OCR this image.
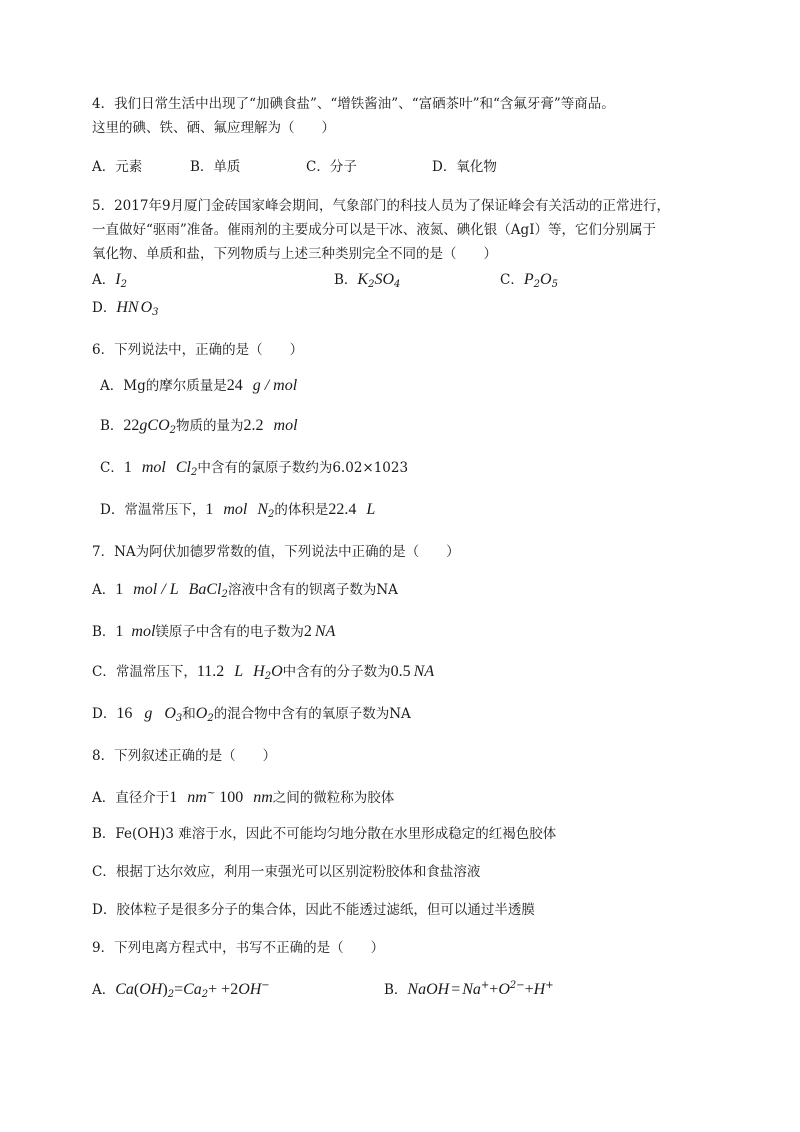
4．我们日常生活中出现了“加碘食盐”、“增铁酱油”、“富硒茶叶”和“含氟牙膏”等商品。
这里的碘、铁、硒、氟应理解为（　　）
A．元素	B．单质	C．分子	D．氧化物
5．2017年9月厦门金砖国家峰会期间，气象部门的科技人员为了保证峰会有关活动的正常进行，
一直做好“驱雨”准备。催雨剂的主要成分可以是干冰、液氮、碘化银（AgI）等，它们分别属于
氧化物、单质和盐，下列物质与上述三种类别完全不同的是（　　）
A．$I_2$	B．$K_2SO_4$	C．$P_2O_5$
D．HN $O_3$
6．下列说法中，正确的是（　　）
A．Mg的摩尔质量是24 g / mol
B．22gCO$_2$物质的量为2.2 mol
C．1 mol $Cl_2$中含有的氯原子数约为6.02×1023
D．常温常压下，1 mol $N_2$的体积是22.4 L
7．NA为阿伏加德罗常数的值，下列说法中正确的是（　　）
A．1 mol / L BaCl$_2$溶液中含有的钡离子数为NA
B．1 mol镁原子中含有的电子数为2 NA
C．常温常压下，11.2 L $H_2O$中含有的分子数为0.5 NA
D．16 g $O_3$和$O_2$的混合物中含有的氧原子数为NA
8．下列叙述正确的是（　　）
A．直径介于1 nm~ 100 nm之间的微粒称为胶体
B．Fe(OH)3 难溶于水，因此不可能均匀地分散在水里形成稳定的红褐色胶体
C．根据丁达尔效应，利用一束强光可以区别淀粉胶体和食盐溶液
D．胶体粒子是很多分子的集合体，因此不能透过滤纸，但可以通过半透膜
9．下列电离方程式中，书写不正确的是（　　）
A．$Ca(OH)_2=Ca_2+ +2OH^-$	B．NaOH = $Na^++O^{2-}+H^+$
